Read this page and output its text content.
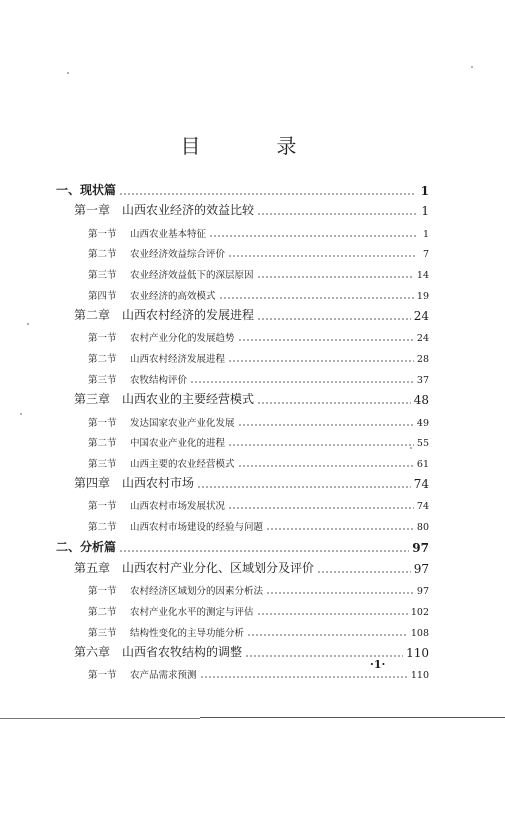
目　录
一、现状篇	1
第一章 山西农业经济的效益比较	1
第一节	山西农业基本特征	1
第二节	农业经济效益综合评价	7
第三节	农业经济效益低下的深层原因	14
第四节	农业经济的高效模式	19
第二章 山西农村经济的发展进程	24
第一节	农村产业分化的发展趋势	24
第二节	山西农村经济发展进程	28
第三节	农牧结构评价	37
第三章 山西农业的主要经营模式	48
第一节	发达国家农业产业化发展	49
第二节	中国农业产业化的进程	55
第三节	山西主要的农业经营模式	61
第四章 山西农村市场	74
第一节	山西农村市场发展状况	74
第二节	山西农村市场建设的经验与问题	80
二、分析篇	97
第五章 山西农村产业分化、区域划分及评价	97
第一节	农村经济区域划分的因素分析法	97
第二节	农村产业化水平的测定与评估	102
第三节	结构性变化的主导功能分析	108
第六章 山西省农牧结构的调整	110
第一节	农产品需求预测	110
·1·
